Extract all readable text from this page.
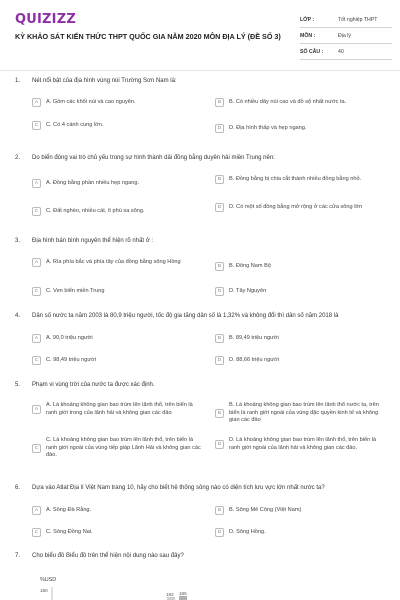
QUIZIZZ
KỲ KHẢO SÁT KIẾN THỨC THPT QUỐC GIA NĂM 2020 MÔN ĐỊA LÝ (ĐỀ SỐ 3)
LỚP :	Tốt nghiệp THPT
MÔN :	Địa lý
SỐ CÂU :	40
1. Nét nổi bật của địa hình vùng núi Trường Sơn Nam là:
A	A. Gồm các khối núi và cao nguyên.	B	B. Có nhiều dãy núi cao và đồ sộ nhất nước ta.
C	C. Có 4 cánh cung lớn.
D	D. Địa hình thấp và hẹp ngang.
2. Do biển đóng vai trò chủ yếu trong sự hình thành dải đồng bằng duyên hải miền Trung nên:
A	A. Đồng bằng phần nhiều hẹp ngang.
B	B. Đồng bằng bị chia cắt thành nhiều đồng bằng nhỏ.
C	C. Đất nghèo, nhiều cát, ít phù sa sông.
D	D. Có một số đồng bằng mở rộng ở các cửa sông lớn
3. Địa hình bán bình nguyên thể hiện rõ nhất ở :
A	A. Rìa phía bắc và phía tây của đồng bằng sông Hồng
B	B. Đông Nam Bộ
C	C. Ven biển miền Trung	D	D. Tây Nguyên
4. Dân số nước ta năm 2003 là 80,9 triệu người, tốc độ gia tăng dân số là 1,32% và không đổi thì dân số năm 2018 là
A	A. 90,0 triệu người	B	B. 89,49 triệu người
C	C. 98,49 triệu người	D	D. 88,66 triệu người
5. Phạm vi vùng trời của nước ta được xác định.
A
A. Là khoảng không gian bao trùm lên lãnh thổ, trên biển là ranh giới trong của lãnh hải và không gian các đảo	B
B. Là khoảng không gian bao trùm lên lãnh thổ nước ta, trên biển là ranh giới ngoài của vùng đặc quyền kinh tế và không gian các đảo
C
C. Là khoảng không gian bao trùm lên lãnh thổ, trên biển là ranh giới ngoài của vùng tiếp giáp Lãnh Hải và không gian các đảo.
D
D. Là khoảng không gian bao trùm lên lãnh thổ, trên biển là ranh giới ngoài của lãnh hải và không gian các đảo.
6. Dựa vào Atlat Địa lí Việt Nam trang 10, hãy cho biết hệ thống sông nào có diện tích lưu vực lớn nhất nước ta?
A	A. Sông Đà Rằng.	B	B. Sông Mê Công (Việt Nam)
C	C. Sông Đồng Nai.	D	D. Sông Hồng.
7. Cho biểu đồ Biểu đồ trên thể hiện nội dung nào sau đây?
%USD
180
182 185
